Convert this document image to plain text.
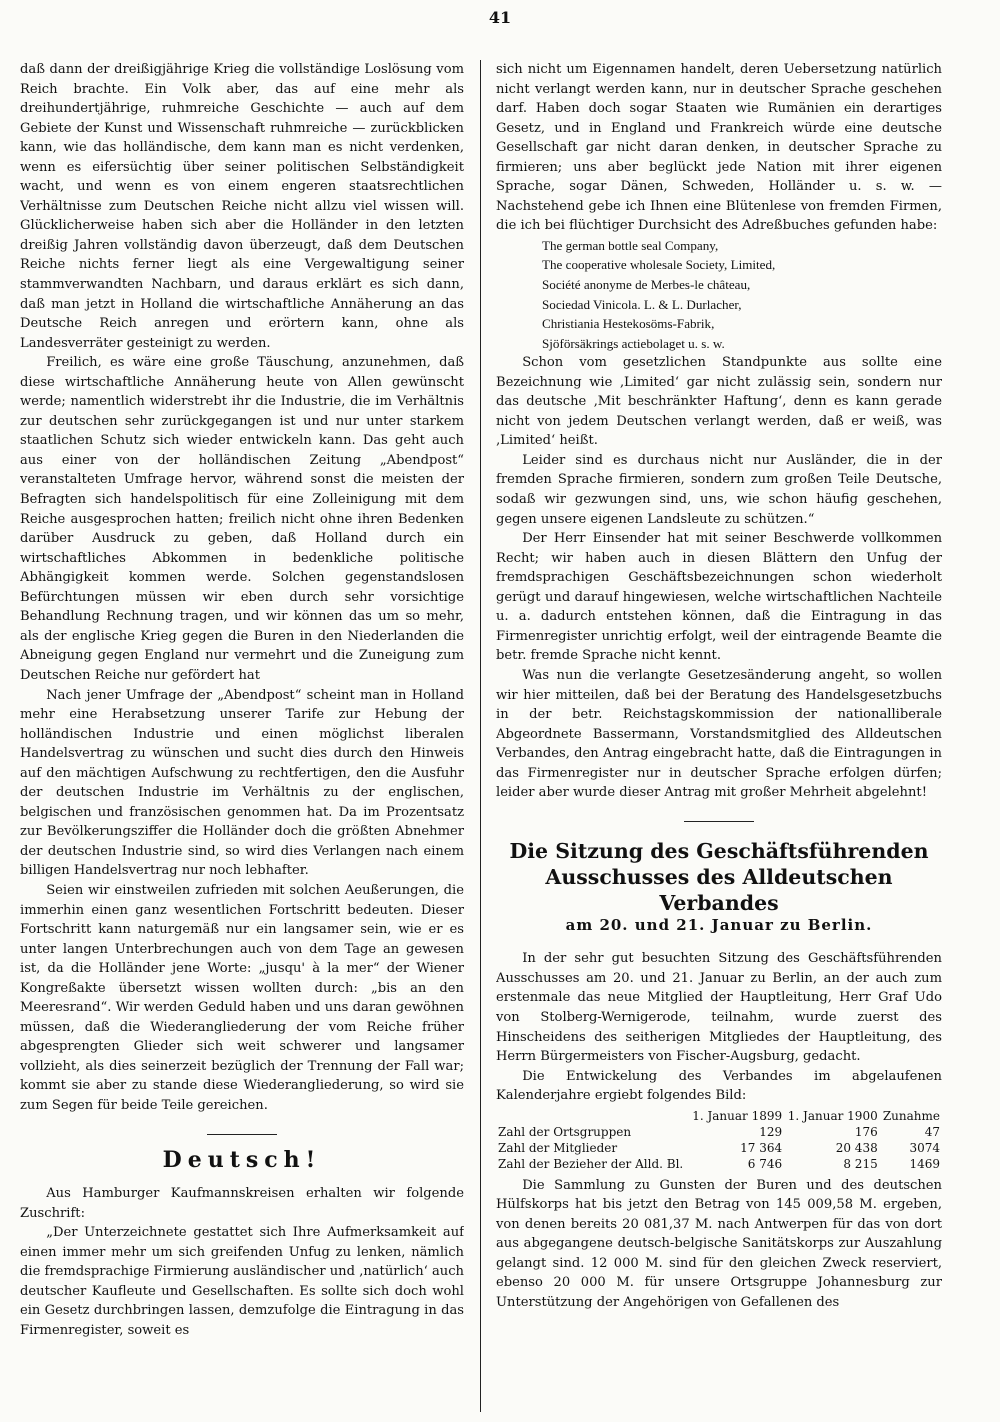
41

daß dann der dreißigjährige Krieg die vollständige Loslösung vom Reich brachte. Ein Volk aber, das auf eine mehr als dreihundertjährige, ruhmreiche Geschichte — auch auf dem Gebiete der Kunst und Wissenschaft ruhmreiche — zurückblicken kann, wie das holländische, dem kann man es nicht verdenken, wenn es eifersüchtig über seiner politischen Selbständigkeit wacht, und wenn es von einem engeren staatsrechtlichen Verhältnisse zum Deutschen Reiche nicht allzu viel wissen will. Glücklicherweise haben sich aber die Holländer in den letzten dreißig Jahren vollständig davon überzeugt, daß dem Deutschen Reiche nichts ferner liegt als eine Vergewaltigung seiner stammverwandten Nachbarn, und daraus erklärt es sich dann, daß man jetzt in Holland die wirtschaftliche Annäherung an das Deutsche Reich anregen und erörtern kann, ohne als Landesverräter gesteinigt zu werden.

Freilich, es wäre eine große Täuschung, anzunehmen, daß diese wirtschaftliche Annäherung heute von Allen gewünscht werde; namentlich widerstrebt ihr die Industrie, die im Verhältnis zur deutschen sehr zurückgegangen ist und nur unter starkem staatlichen Schutz sich wieder entwickeln kann. Das geht auch aus einer von der holländischen Zeitung „Abendpost“ veranstalteten Umfrage hervor, während sonst die meisten der Befragten sich handelspolitisch für eine Zolleinigung mit dem Reiche ausgesprochen hatten; freilich nicht ohne ihren Bedenken darüber Ausdruck zu geben, daß Holland durch ein wirtschaftliches Abkommen in bedenkliche politische Abhängigkeit kommen werde. Solchen gegenstandslosen Befürchtungen müssen wir eben durch sehr vorsichtige Behandlung Rechnung tragen, und wir können das um so mehr, als der englische Krieg gegen die Buren in den Niederlanden die Abneigung gegen England nur vermehrt und die Zuneigung zum Deutschen Reiche nur gefördert hat

Nach jener Umfrage der „Abendpost“ scheint man in Holland mehr eine Herabsetzung unserer Tarife zur Hebung der holländischen Industrie und einen möglichst liberalen Handelsvertrag zu wünschen und sucht dies durch den Hinweis auf den mächtigen Aufschwung zu rechtfertigen, den die Ausfuhr der deutschen Industrie im Verhältnis zu der englischen, belgischen und französischen genommen hat. Da im Prozentsatz zur Bevölkerungsziffer die Holländer doch die größten Abnehmer der deutschen Industrie sind, so wird dies Verlangen nach einem billigen Handelsvertrag nur noch lebhafter.

Seien wir einstweilen zufrieden mit solchen Aeußerungen, die immerhin einen ganz wesentlichen Fortschritt bedeuten. Dieser Fortschritt kann naturgemäß nur ein langsamer sein, wie er es unter langen Unterbrechungen auch von dem Tage an gewesen ist, da die Holländer jene Worte: „jusqu' à la mer“ der Wiener Kongreßakte übersetzt wissen wollten durch: „bis an den Meeresrand“. Wir werden Geduld haben und uns daran gewöhnen müssen, daß die Wiederangliederung der vom Reiche früher abgesprengten Glieder sich weit schwerer und langsamer vollzieht, als dies seinerzeit bezüglich der Trennung der Fall war; kommt sie aber zu stande diese Wiederangliederung, so wird sie zum Segen für beide Teile gereichen.

Deutsch!

Aus Hamburger Kaufmannskreisen erhalten wir folgende Zuschrift:

„Der Unterzeichnete gestattet sich Ihre Aufmerksamkeit auf einen immer mehr um sich greifenden Unfug zu lenken, nämlich die fremdsprachige Firmierung ausländischer und ‚natürlich‘ auch deutscher Kaufleute und Gesellschaften. Es sollte sich doch wohl ein Gesetz durchbringen lassen, demzufolge die Eintragung in das Firmenregister, soweit es

sich nicht um Eigennamen handelt, deren Uebersetzung natürlich nicht verlangt werden kann, nur in deutscher Sprache geschehen darf. Haben doch sogar Staaten wie Rumänien ein derartiges Gesetz, und in England und Frankreich würde eine deutsche Gesellschaft gar nicht daran denken, in deutscher Sprache zu firmieren; uns aber beglückt jede Nation mit ihrer eigenen Sprache, sogar Dänen, Schweden, Holländer u. s. w. — Nachstehend gebe ich Ihnen eine Blütenlese von fremden Firmen, die ich bei flüchtiger Durchsicht des Adreßbuches gefunden habe:

The german bottle seal Company,
The cooperative wholesale Society, Limited,
Société anonyme de Merbes-le château,
Sociedad Vinicola. L. & L. Durlacher,
Christiania Hestekosöms-Fabrik,
Sjöförsäkrings actiebolaget u. s. w.

Schon vom gesetzlichen Standpunkte aus sollte eine Bezeichnung wie ‚Limited‘ gar nicht zulässig sein, sondern nur das deutsche ‚Mit beschränkter Haftung‘, denn es kann gerade nicht von jedem Deutschen verlangt werden, daß er weiß, was ‚Limited‘ heißt.

Leider sind es durchaus nicht nur Ausländer, die in der fremden Sprache firmieren, sondern zum großen Teile Deutsche, sodaß wir gezwungen sind, uns, wie schon häufig geschehen, gegen unsere eigenen Landsleute zu schützen.“

Der Herr Einsender hat mit seiner Beschwerde vollkommen Recht; wir haben auch in diesen Blättern den Unfug der fremdsprachigen Geschäftsbezeichnungen schon wiederholt gerügt und darauf hingewiesen, welche wirtschaftlichen Nachteile u. a. dadurch entstehen können, daß die Eintragung in das Firmenregister unrichtig erfolgt, weil der eintragende Beamte die betr. fremde Sprache nicht kennt.

Was nun die verlangte Gesetzesänderung angeht, so wollen wir hier mitteilen, daß bei der Beratung des Handelsgesetzbuchs in der betr. Reichstagskommission der nationalliberale Abgeordnete Bassermann, Vorstandsmitglied des Alldeutschen Verbandes, den Antrag eingebracht hatte, daß die Eintragungen in das Firmenregister nur in deutscher Sprache erfolgen dürfen; leider aber wurde dieser Antrag mit großer Mehrheit abgelehnt!

Die Sitzung des Geschäftsführenden
Ausschusses des Alldeutschen Verbandes
am 20. und 21. Januar zu Berlin.

In der sehr gut besuchten Sitzung des Geschäftsführenden Ausschusses am 20. und 21. Januar zu Berlin, an der auch zum erstenmale das neue Mitglied der Hauptleitung, Herr Graf Udo von Stolberg-Wernigerode, teilnahm, wurde zuerst des Hinscheidens des seitherigen Mitgliedes der Hauptleitung, des Herrn Bürgermeisters von Fischer-Augsburg, gedacht.

Die Entwickelung des Verbandes im abgelaufenen Kalenderjahre ergiebt folgendes Bild:

	1. Januar 1899	1. Januar 1900	Zunahme
Zahl der Ortsgruppen	129	176	47
Zahl der Mitglieder	17 364	20 438	3074
Zahl der Bezieher der Alld. Bl.	6 746	8 215	1469

Die Sammlung zu Gunsten der Buren und des deutschen Hülfskorps hat bis jetzt den Betrag von 145 009,58 M. ergeben, von denen bereits 20 081,37 M. nach Antwerpen für das von dort aus abgegangene deutsch-belgische Sanitätskorps zur Auszahlung gelangt sind. 12 000 M. sind für den gleichen Zweck reserviert, ebenso 20 000 M. für unsere Ortsgruppe Johannesburg zur Unterstützung der Angehörigen von Gefallenen des
